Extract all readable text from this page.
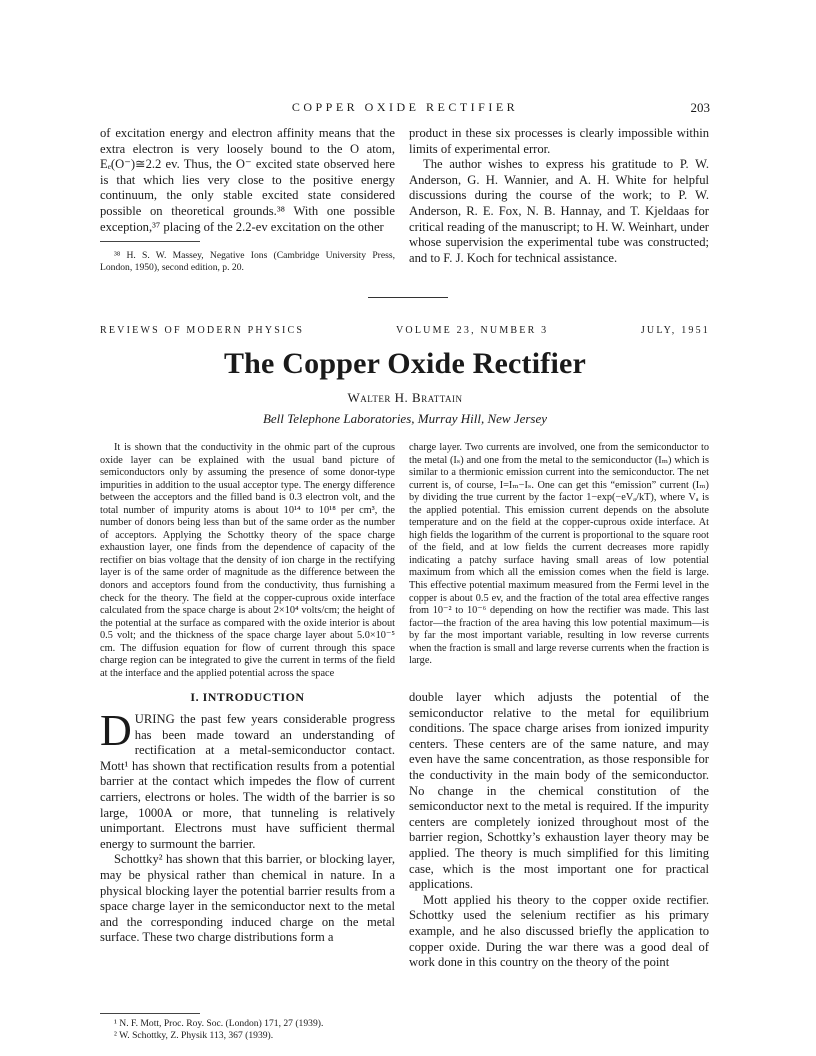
COPPER OXIDE RECTIFIER	203

of excitation energy and electron affinity means that the extra electron is very loosely bound to the O atom, Eₑ(O⁻)≅2.2 ev. Thus, the O⁻ excited state observed here is that which lies very close to the positive energy continuum, the only stable excited state considered possible on theoretical grounds.³⁸ With one possible exception,³⁷ placing of the 2.2-ev excitation on the other

³⁸ H. S. W. Massey, Negative Ions (Cambridge University Press, London, 1950), second edition, p. 20.

product in these six processes is clearly impossible within limits of experimental error.

The author wishes to express his gratitude to P. W. Anderson, G. H. Wannier, and A. H. White for helpful discussions during the course of the work; to P. W. Anderson, R. E. Fox, N. B. Hannay, and T. Kjeldaas for critical reading of the manuscript; to H. W. Weinhart, under whose supervision the experimental tube was constructed; and to F. J. Koch for technical assistance.

REVIEWS OF MODERN PHYSICS	VOLUME 23, NUMBER 3	JULY, 1951
The Copper Oxide Rectifier
Walter H. Brattain
Bell Telephone Laboratories, Murray Hill, New Jersey

It is shown that the conductivity in the ohmic part of the cuprous oxide layer can be explained with the usual band picture of semiconductors only by assuming the presence of some donor-type impurities in addition to the usual acceptor type. The energy difference between the acceptors and the filled band is 0.3 electron volt, and the total number of impurity atoms is about 10¹⁴ to 10¹⁸ per cm³, the number of donors being less than but of the same order as the number of acceptors. Applying the Schottky theory of the space charge exhaustion layer, one finds from the dependence of capacity of the rectifier on bias voltage that the density of ion charge in the rectifying layer is of the same order of magnitude as the difference between the donors and acceptors found from the conductivity, thus furnishing a check for the theory. The field at the copper-cuprous oxide interface calculated from the space charge is about 2×10⁴ volts/cm; the height of the potential at the surface as compared with the oxide interior is about 0.5 volt; and the thickness of the space charge layer about 5.0×10⁻⁵ cm. The diffusion equation for flow of current through this space charge region can be integrated to give the current in terms of the field at the interface and the applied potential across the space

charge layer. Two currents are involved, one from the semiconductor to the metal (Iₛ) and one from the metal to the semiconductor (Iₘ) which is similar to a thermionic emission current into the semiconductor. The net current is, of course, I=Iₘ−Iₛ. One can get this “emission” current (Iₘ) by dividing the true current by the factor 1−exp(−eVₐ/kT), where Vₐ is the applied potential. This emission current depends on the absolute temperature and on the field at the copper-cuprous oxide interface. At high fields the logarithm of the current is proportional to the square root of the field, and at low fields the current decreases more rapidly indicating a patchy surface having small areas of low potential maximum from which all the emission comes when the field is large. This effective potential maximum measured from the Fermi level in the copper is about 0.5 ev, and the fraction of the total area effective ranges from 10⁻² to 10⁻⁶ depending on how the rectifier was made. This last factor—the fraction of the area having this low potential maximum—is by far the most important variable, resulting in low reverse currents when the fraction is small and large reverse currents when the fraction is large.

I. INTRODUCTION

DURING the past few years considerable progress has been made toward an understanding of rectification at a metal-semiconductor contact. Mott¹ has shown that rectification results from a potential barrier at the contact which impedes the flow of current carriers, electrons or holes. The width of the barrier is so large, 1000A or more, that tunneling is relatively unimportant. Electrons must have sufficient thermal energy to surmount the barrier.

Schottky² has shown that this barrier, or blocking layer, may be physical rather than chemical in nature. In a physical blocking layer the potential barrier results from a space charge layer in the semiconductor next to the metal and the corresponding induced charge on the metal surface. These two charge distributions form a

¹ N. F. Mott, Proc. Roy. Soc. (London) 171, 27 (1939).

² W. Schottky, Z. Physik 113, 367 (1939).

double layer which adjusts the potential of the semiconductor relative to the metal for equilibrium conditions. The space charge arises from ionized impurity centers. These centers are of the same nature, and may even have the same concentration, as those responsible for the conductivity in the main body of the semiconductor. No change in the chemical constitution of the semiconductor next to the metal is required. If the impurity centers are completely ionized throughout most of the barrier region, Schottky’s exhaustion layer theory may be applied. The theory is much simplified for this limiting case, which is the most important one for practical applications.

Mott applied his theory to the copper oxide rectifier. Schottky used the selenium rectifier as his primary example, and he also discussed briefly the application to copper oxide. During the war there was a good deal of work done in this country on the theory of the point
